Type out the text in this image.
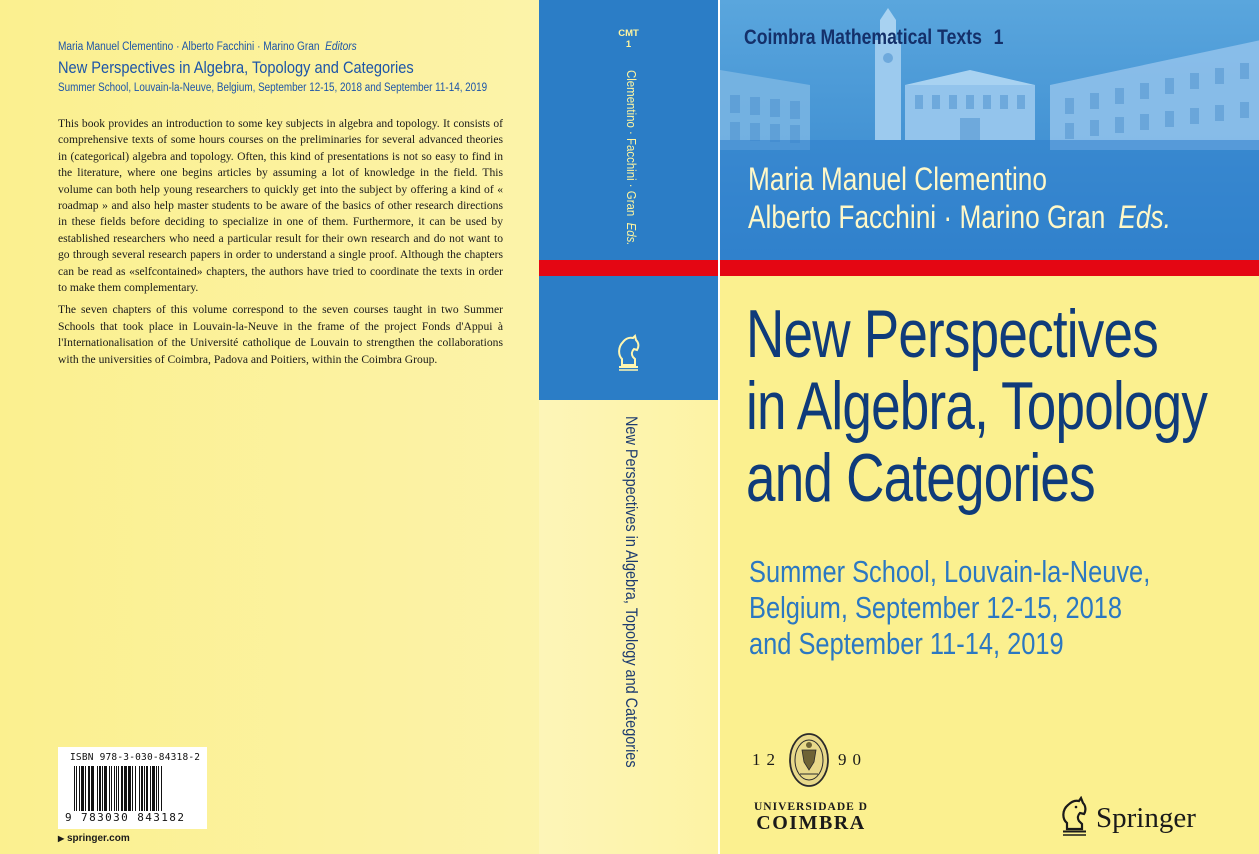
Maria Manuel Clementino · Alberto Facchini · Marino Gran Editors
New Perspectives in Algebra, Topology and Categories
Summer School, Louvain-la-Neuve, Belgium, September 12-15, 2018 and September 11-14, 2019

This book provides an introduction to some key subjects in algebra and topology. It consists of comprehensive texts of some hours courses on the preliminaries for several advanced theories in (categorical) algebra and topology. Often, this kind of presentations is not so easy to find in the literature, where one begins articles by assuming a lot of knowledge in the field. This volume can both help young researchers to quickly get into the subject by offering a kind of « roadmap » and also help master students to be aware of the basics of other research directions in these fields before deciding to specialize in one of them. Furthermore, it can be used by established researchers who need a particular result for their own research and do not want to go through several research papers in order to understand a single proof. Although the chapters can be read as «selfcontained» chapters, the authors have tried to coordinate the texts in order to make them complementary.

The seven chapters of this volume correspond to the seven courses taught in two Summer Schools that took place in Louvain-la-Neuve in the frame of the project Fonds d'Appui à l'Internationalisation of the Université catholique de Louvain to strengthen the collaborations with the universities of Coimbra, Padova and Poitiers, within the Coimbra Group.

ISBN 978-3-030-84318-2
9 783030 843182
▶ springer.com
CMT
1
Clementino · Facchini · Gran  Eds.
New Perspectives in Algebra, Topology and Categories
Coimbra Mathematical Texts 1
Maria Manuel Clementino
Alberto Facchini · Marino Gran Eds.
New Perspectives
in Algebra, Topology
and Categories
Summer School, Louvain-la-Neuve,
Belgium, September 12-15, 2018
and September 11-14, 2019
12	90
UNIVERSIDADE D
COIMBRA	Springer
